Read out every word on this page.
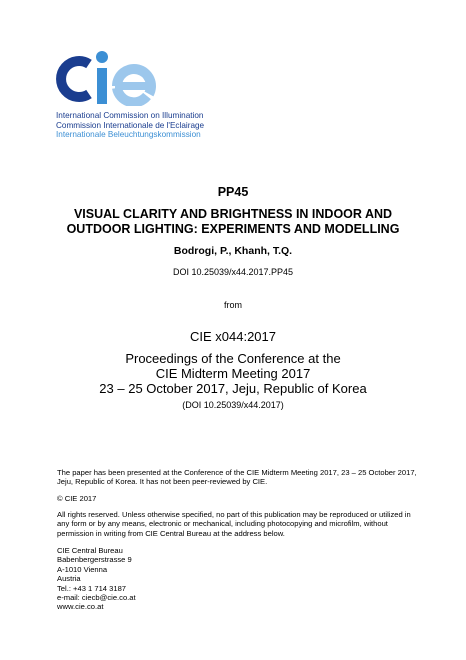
International Commission on Illumination
Commission Internationale de l'Eclairage
Internationale Beleuchtungskommission
PP45
VISUAL CLARITY AND BRIGHTNESS IN INDOOR AND
OUTDOOR LIGHTING: EXPERIMENTS AND MODELLING
Bodrogi, P., Khanh, T.Q.
DOI 10.25039/x44.2017.PP45
from
CIE x044:2017
Proceedings of the Conference at the
CIE Midterm Meeting 2017
23 – 25 October 2017, Jeju, Republic of Korea
(DOI 10.25039/x44.2017)
The paper has been presented at the Conference of the CIE Midterm Meeting 2017, 23 – 25 October 2017, Jeju, Republic of Korea. It has not been peer-reviewed by CIE.
© CIE 2017
All rights reserved. Unless otherwise specified, no part of this publication may be reproduced or utilized in any form or by any means, electronic or mechanical, including photocopying and microfilm, without permission in writing from CIE Central Bureau at the address below.
CIE Central Bureau
Babenbergerstrasse 9
A-1010 Vienna
Austria
Tel.: +43 1 714 3187
e-mail: ciecb@cie.co.at
www.cie.co.at
